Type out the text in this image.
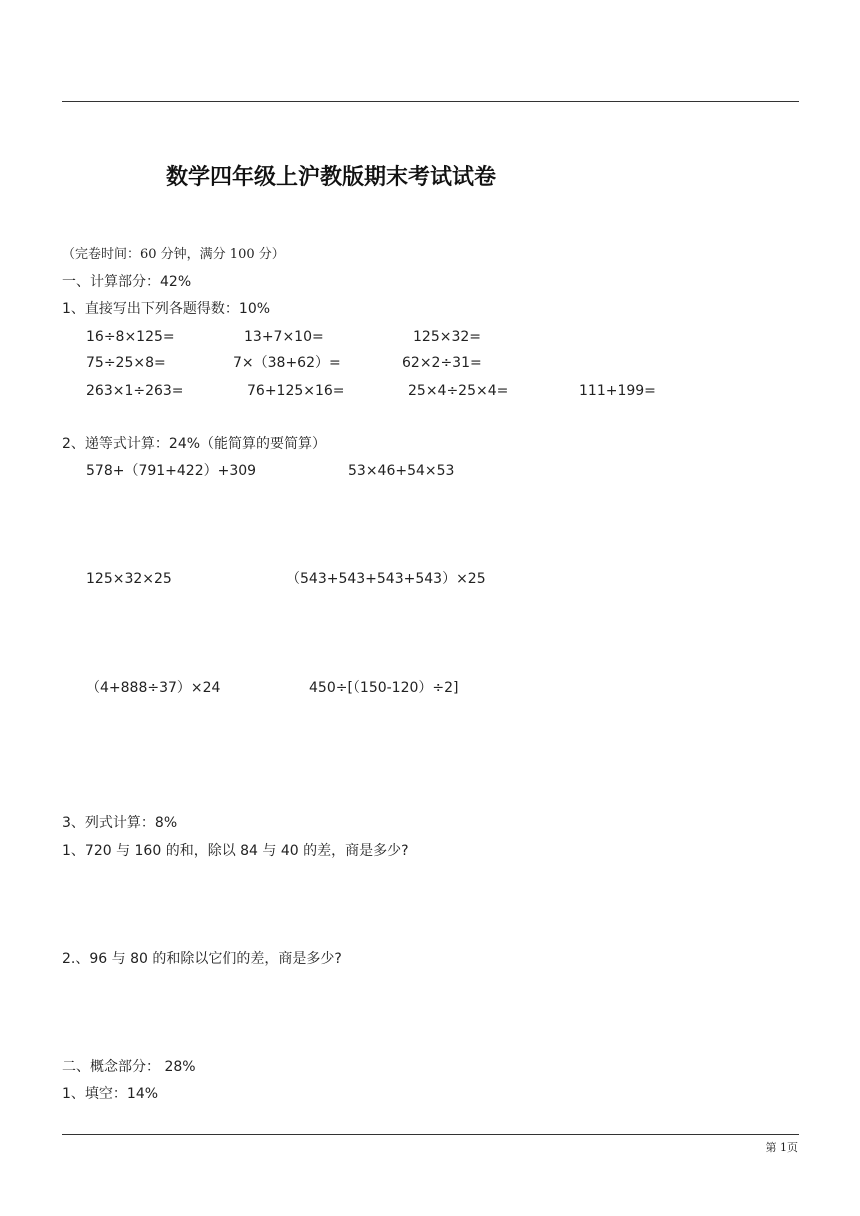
数学四年级上沪教版期末考试试卷
（完卷时间：60 分钟，满分 100 分）
一、计算部分：42%
1、直接写出下列各题得数：10%
16÷8×125=	13+7×10=	125×32=
75÷25×8=	7×（38+62）=	62×2÷31=
263×1÷263=	76+125×16=	25×4÷25×4=	111+199=
2、递等式计算：24%（能简算的要简算）
578+（791+422）+309	53×46+54×53
125×32×25	（543+543+543+543）×25
（4+888÷37）×24	450÷[（150-120）÷2]
3、列式计算：8%
1、720 与 160 的和，除以 84 与 40 的差，商是多少?
2.、96 与 80 的和除以它们的差，商是多少?
二、概念部分： 28%
1、填空：14%
第 1页
